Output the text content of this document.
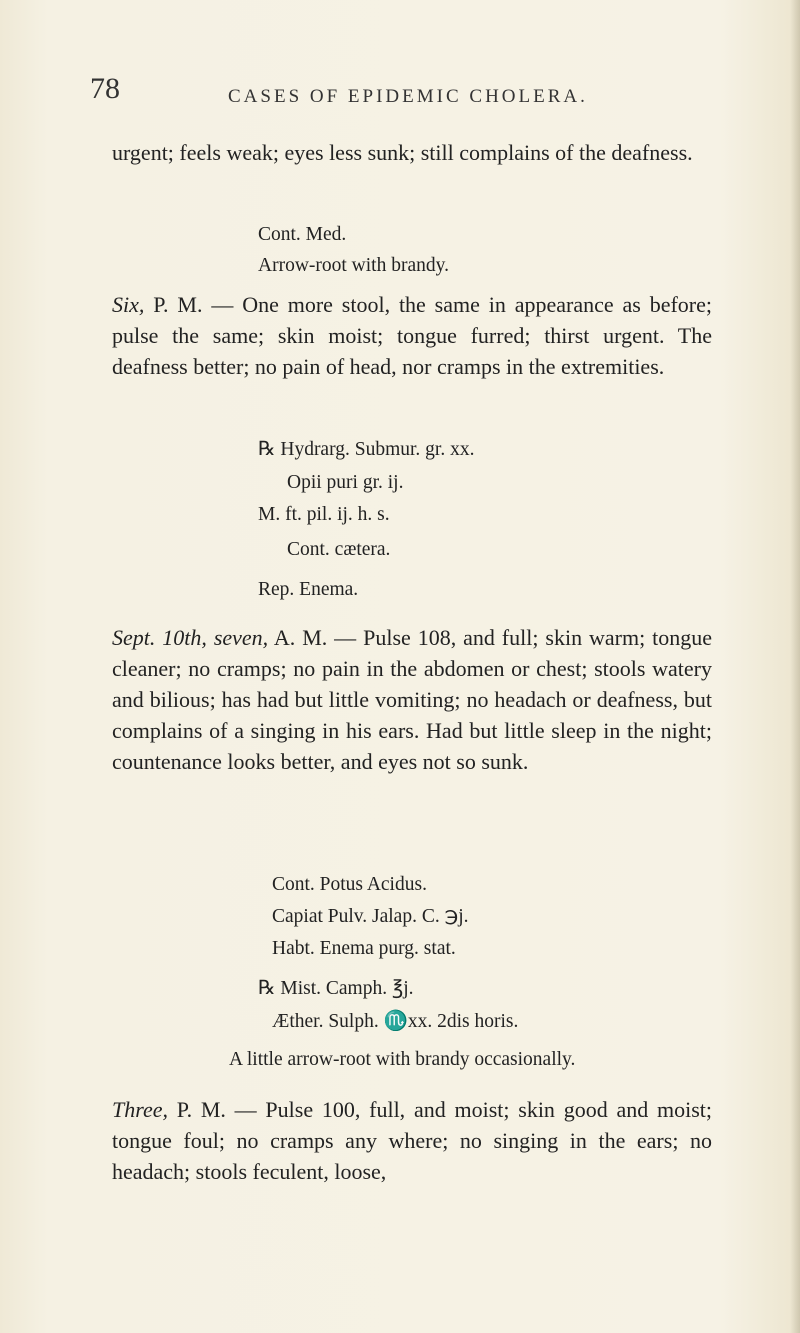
78	CASES OF EPIDEMIC CHOLERA.
urgent; feels weak; eyes less sunk; still complains of the deafness.
Cont. Med.
Arrow-root with brandy.
Six, P. M. — One more stool, the same in appearance as before; pulse the same; skin moist; tongue furred; thirst urgent. The deafness better; no pain of head, nor cramps in the extremities.
℞ Hydrarg. Submur. gr. xx.
Opii puri gr. ij.
M. ft. pil. ij. h. s.
Cont. cætera.
Rep. Enema.
Sept. 10th, seven, A. M. — Pulse 108, and full; skin warm; tongue cleaner; no cramps; no pain in the abdomen or chest; stools watery and bilious; has had but little vomiting; no headach or deafness, but complains of a singing in his ears. Had but little sleep in the night; countenance looks better, and eyes not so sunk.
Cont. Potus Acidus.
Capiat Pulv. Jalap. C. ℈j.
Habt. Enema purg. stat.
℞ Mist. Camph. ℥j.
Æther. Sulph. ♏xx. 2dis horis.
A little arrow-root with brandy occasionally.
Three, P. M. — Pulse 100, full, and moist; skin good and moist; tongue foul; no cramps any where; no singing in the ears; no headach; stools feculent, loose,
